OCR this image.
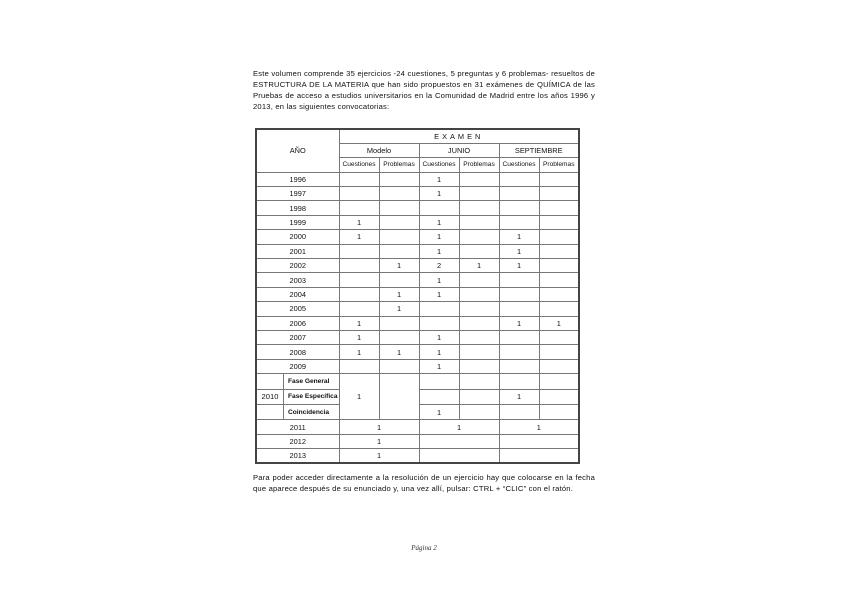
Este volumen comprende 35 ejercicios -24 cuestiones, 5 preguntas y 6 problemas- resueltos de ESTRUCTURA DE LA MATERIA que han sido propuestos en 31 exámenes de QUÍMICA de las Pruebas de acceso a estudios universitarios en la Comunidad de Madrid entre los años 1996 y 2013, en las siguientes convocatorias:
AÑO	EXAMEN					
	Modelo		JUNIO		SEPTIEMBRE	
	Cuestiones	Problemas	Cuestiones	Problemas	Cuestiones	Problemas
1996			1			
1997			1			
1998						
1999	1		1			
2000	1		1		1	
2001			1		1	
2002		1	2	1	1	
2003			1			
2004		1	1			
2005		1				
2006	1				1	1
2007	1		1			
2008	1	1	1			
2009			1			

Fase General	1					

2010 Fase Específica					1	

Coincidencia			1			
2011	1		1		1	
2012	1					
2013	1					
Para poder acceder directamente a la resolución de un ejercicio hay que colocarse en la fecha que aparece después de su enunciado y, una vez allí, pulsar: CTRL + “CLIC” con el ratón.
Página 2
